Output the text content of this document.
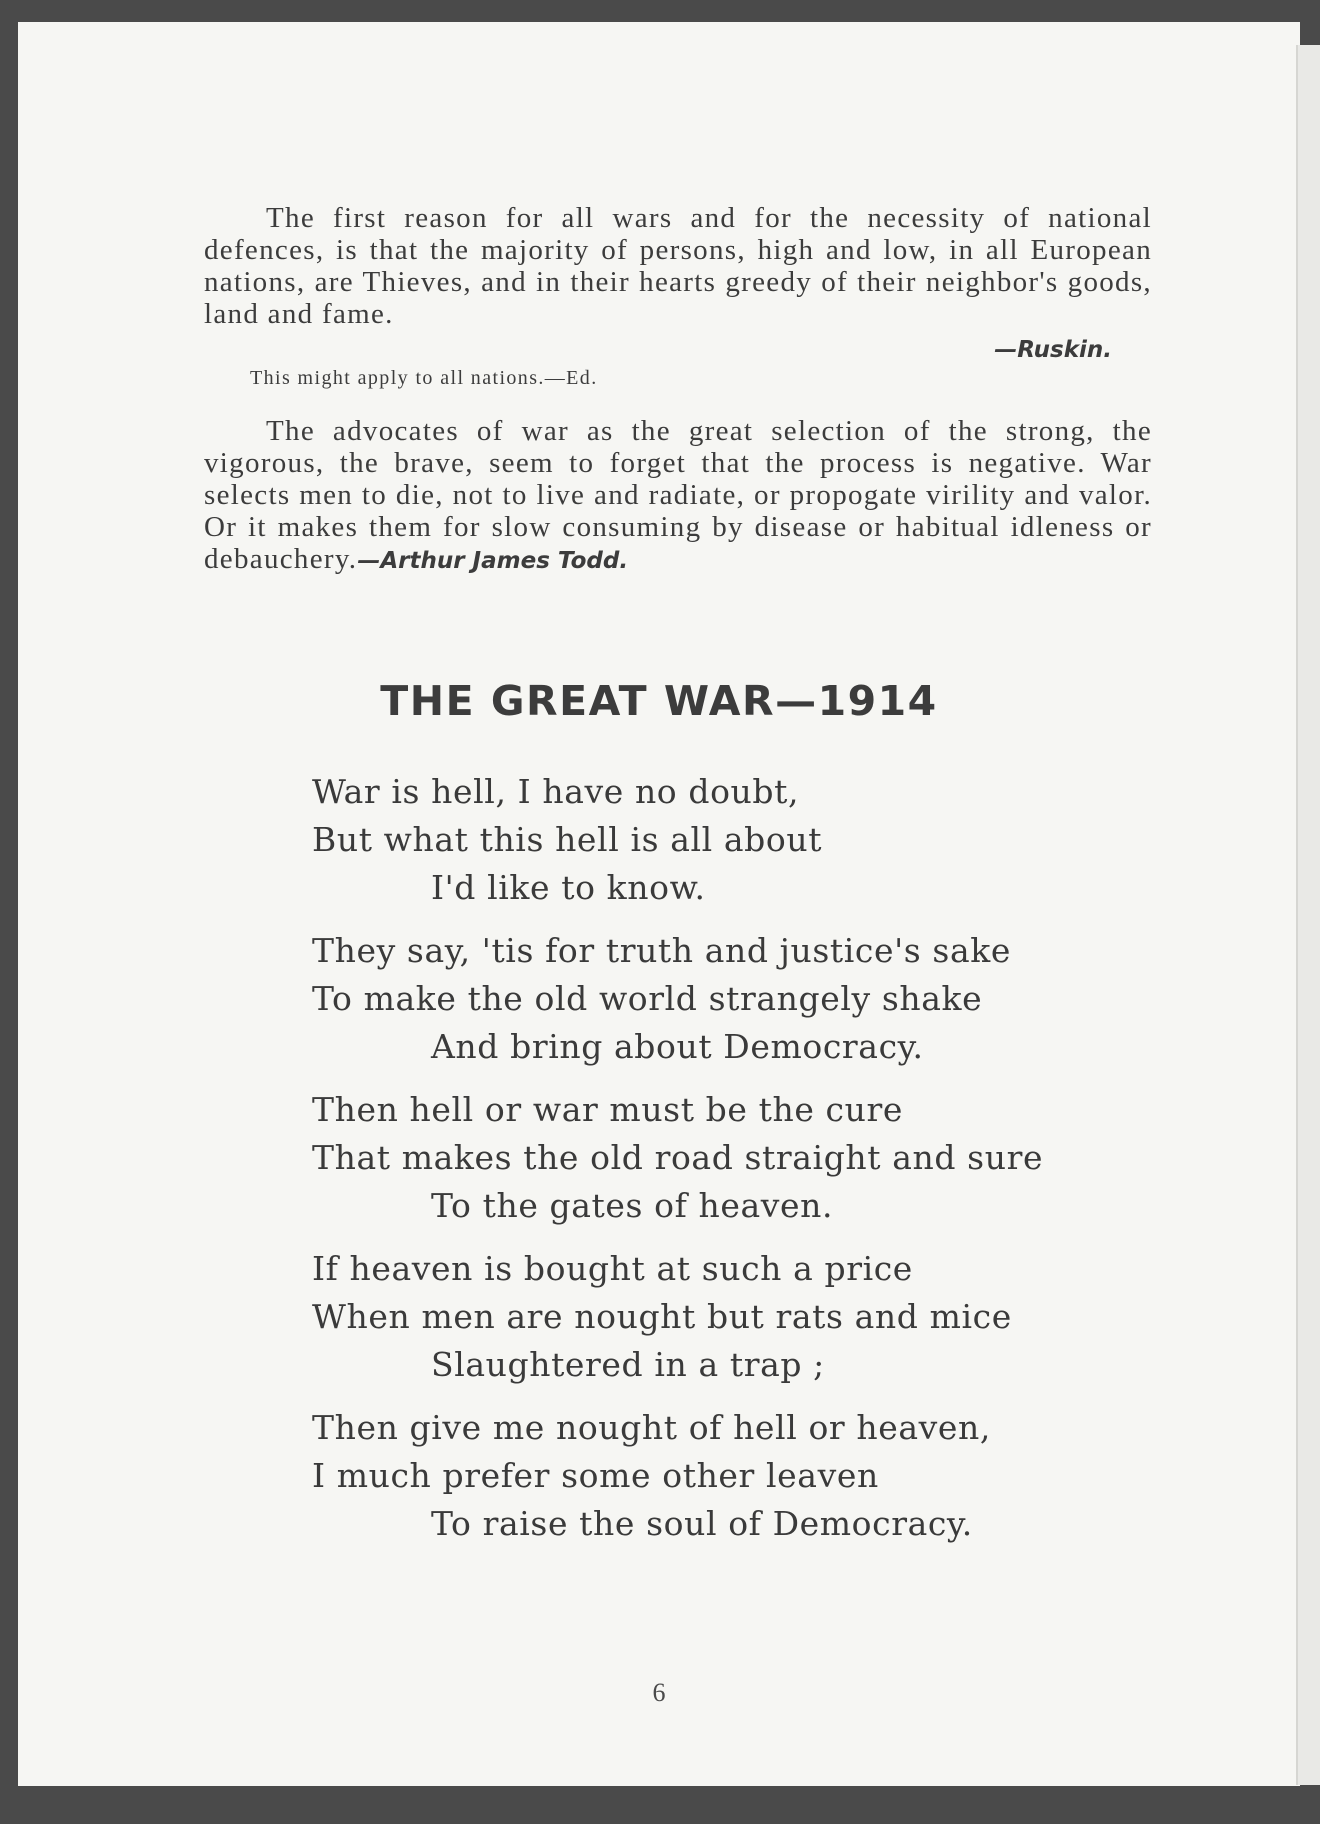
The first reason for all wars and for the necessity of national defences, is that the majority of persons, high and low, in all European nations, are Thieves, and in their hearts greedy of their neighbor's goods, land and fame.

—Ruskin.
This might apply to all nations.—Ed.

The advocates of war as the great selection of the strong, the vigorous, the brave, seem to forget that the process is negative. War selects men to die, not to live and radiate, or propogate virility and valor. Or it makes them for slow consuming by disease or habitual idleness or debauchery.—Arthur James Todd.

THE GREAT WAR—1914
War is hell, I have no doubt,
But what this hell is all about
I'd like to know.
They say, 'tis for truth and justice's sake
To make the old world strangely shake
And bring about Democracy.
Then hell or war must be the cure
That makes the old road straight and sure
To the gates of heaven.
If heaven is bought at such a price
When men are nought but rats and mice
Slaughtered in a trap ;
Then give me nought of hell or heaven,
I much prefer some other leaven
To raise the soul of Democracy.
6
